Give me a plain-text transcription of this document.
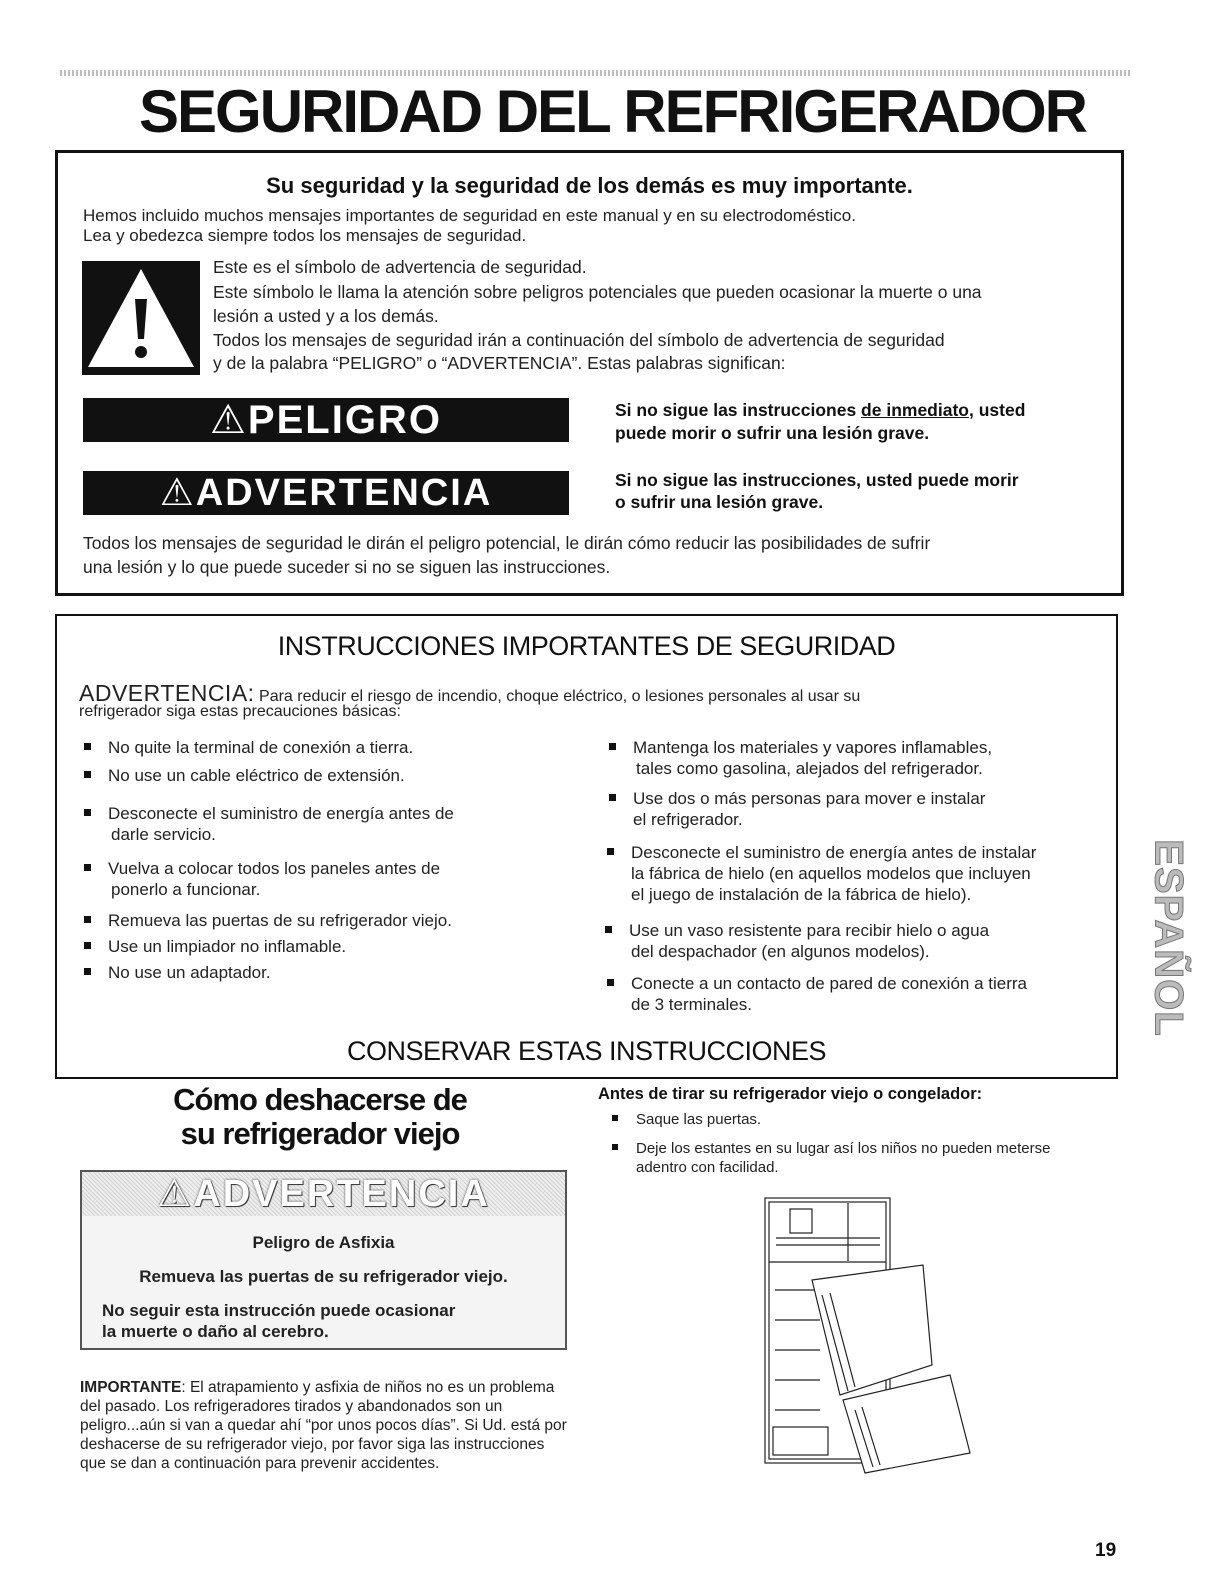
SEGURIDAD DEL REFRIGERADOR
Su seguridad y la seguridad de los demás es muy importante.
Hemos incluido muchos mensajes importantes de seguridad en este manual y en su electrodoméstico.
Lea y obedezca siempre todos los mensajes de seguridad.
Este es el símbolo de advertencia de seguridad.
Este símbolo le llama la atención sobre peligros potenciales que pueden ocasionar la muerte o una
lesión a usted y a los demás.
Todos los mensajes de seguridad irán a continuación del símbolo de advertencia de seguridad
y de la palabra “PELIGRO” o “ADVERTENCIA”. Estas palabras significan:
⚠PELIGRO	Si no sigue las instrucciones de inmediato, usted
puede morir o sufrir una lesión grave.
⚠ADVERTENCIA	Si no sigue las instrucciones, usted puede morir
o sufrir una lesión grave.
Todos los mensajes de seguridad le dirán el peligro potencial, le dirán cómo reducir las posibilidades de sufrir
una lesión y lo que puede suceder si no se siguen las instrucciones.
INSTRUCCIONES IMPORTANTES DE SEGURIDAD
ADVERTENCIA: Para reducir el riesgo de incendio, choque eléctrico, o lesiones personales al usar su
refrigerador siga estas precauciones básicas:
No quite la terminal de conexión a tierra.
No use un cable eléctrico de extensión.
Desconecte el suministro de energía antes de
darle servicio.
Vuelva a colocar todos los paneles antes de
ponerlo a funcionar.
Remueva las puertas de su refrigerador viejo.
Use un limpiador no inflamable.
No use un adaptador.
Mantenga los materiales y vapores inflamables,
tales como gasolina, alejados del refrigerador.
Use dos o más personas para mover e instalar
el refrigerador.
Desconecte el suministro de energía antes de instalar
la fábrica de hielo (en aquellos modelos que incluyen
el juego de instalación de la fábrica de hielo).
Use un vaso resistente para recibir hielo o agua
del despachador (en algunos modelos).
Conecte a un contacto de pared de conexión a tierra
de 3 terminales.
CONSERVAR ESTAS INSTRUCCIONES
Cómo deshacerse de
su refrigerador viejo
⚠ADVERTENCIA
Peligro de Asfixia
Remueva las puertas de su refrigerador viejo.
No seguir esta instrucción puede ocasionar
la muerte o daño al cerebro.

IMPORTANTE: El atrapamiento y asfixia de niños no es un problema del pasado. Los refrigeradores tirados y abandonados son un peligro...aún si van a quedar ahí “por unos pocos días”. Si Ud. está por deshacerse de su refrigerador viejo, por favor siga las instrucciones que se dan a continuación para prevenir accidentes.

Antes de tirar su refrigerador viejo o congelador:
Saque las puertas.
Deje los estantes en su lugar así los niños no pueden meterse
adentro con facilidad.
ESPAÑOL
19
